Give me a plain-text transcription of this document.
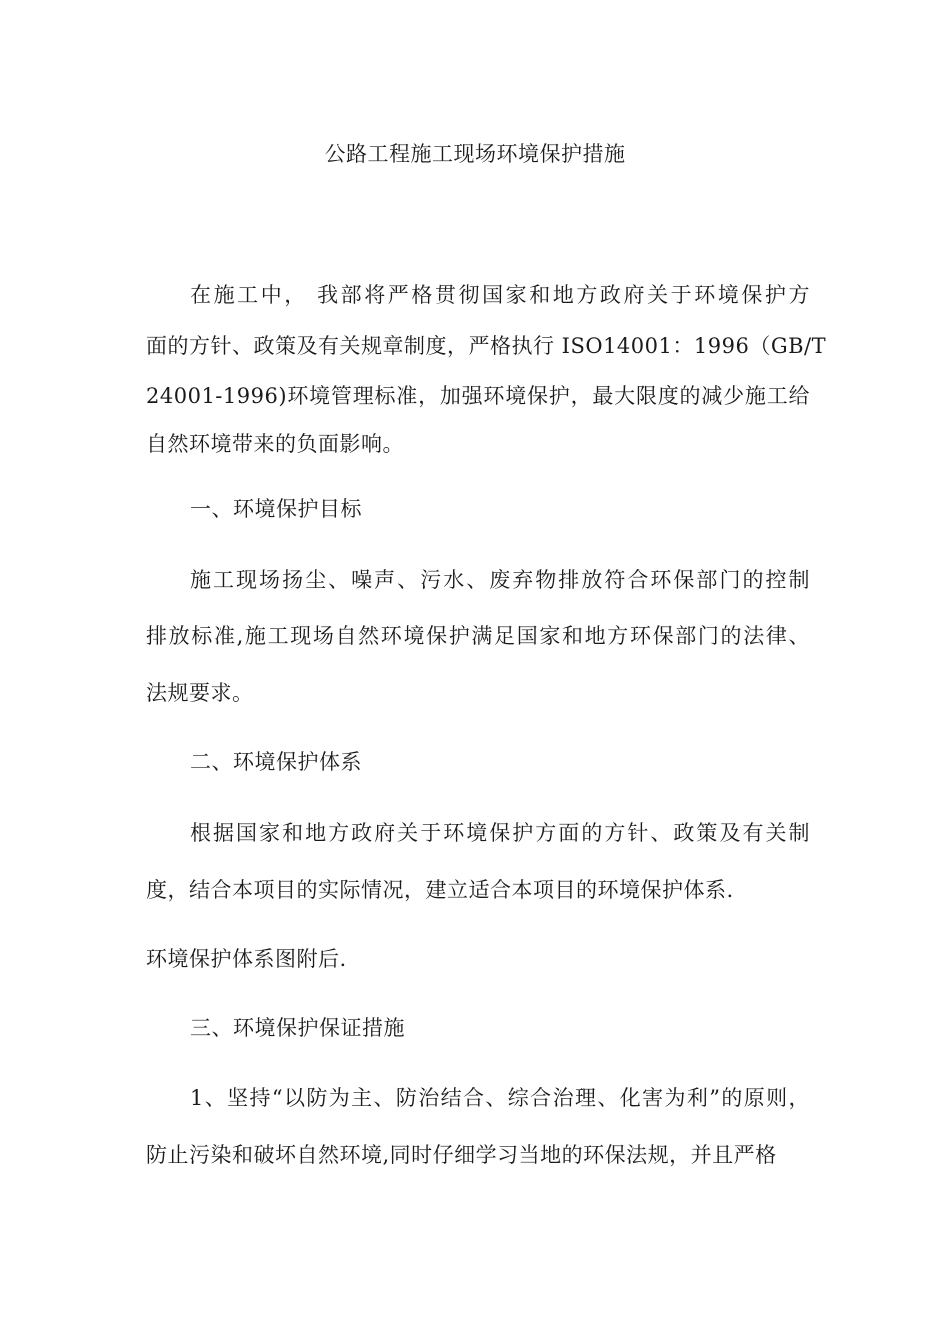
公路工程施工现场环境保护措施
在施工中， 我部将严格贯彻国家和地方政府关于环境保护方
面的方针、政策及有关规章制度，严格执行 ISO14001：1996（GB/T
24001-1996)环境管理标准，加强环境保护，最大限度的减少施工给
自然环境带来的负面影响。
一、环境保护目标
施工现场扬尘、噪声、污水、废弃物排放符合环保部门的控制
排放标准,施工现场自然环境保护满足国家和地方环保部门的法律、
法规要求。
二、环境保护体系
根据国家和地方政府关于环境保护方面的方针、政策及有关制
度，结合本项目的实际情况，建立适合本项目的环境保护体系.
环境保护体系图附后.
三、环境保护保证措施
1、坚持“以防为主、防治结合、综合治理、化害为利”的原则，
防止污染和破坏自然环境,同时仔细学习当地的环保法规，并且严格
